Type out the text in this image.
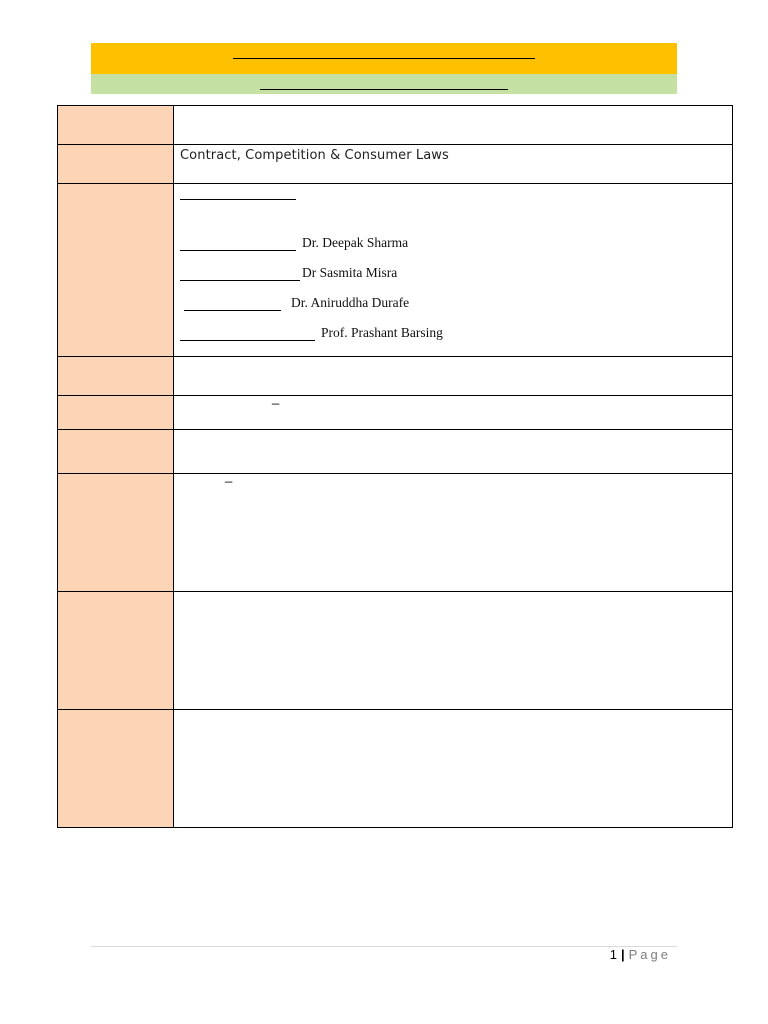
	Contract, Competition & Consumer Laws

	Dr. Deepak Sharma
Dr Sasmita Misra
Dr. Aniruddha Durafe
Prof. Prashant Barsing

	_

	_

1 | Page
